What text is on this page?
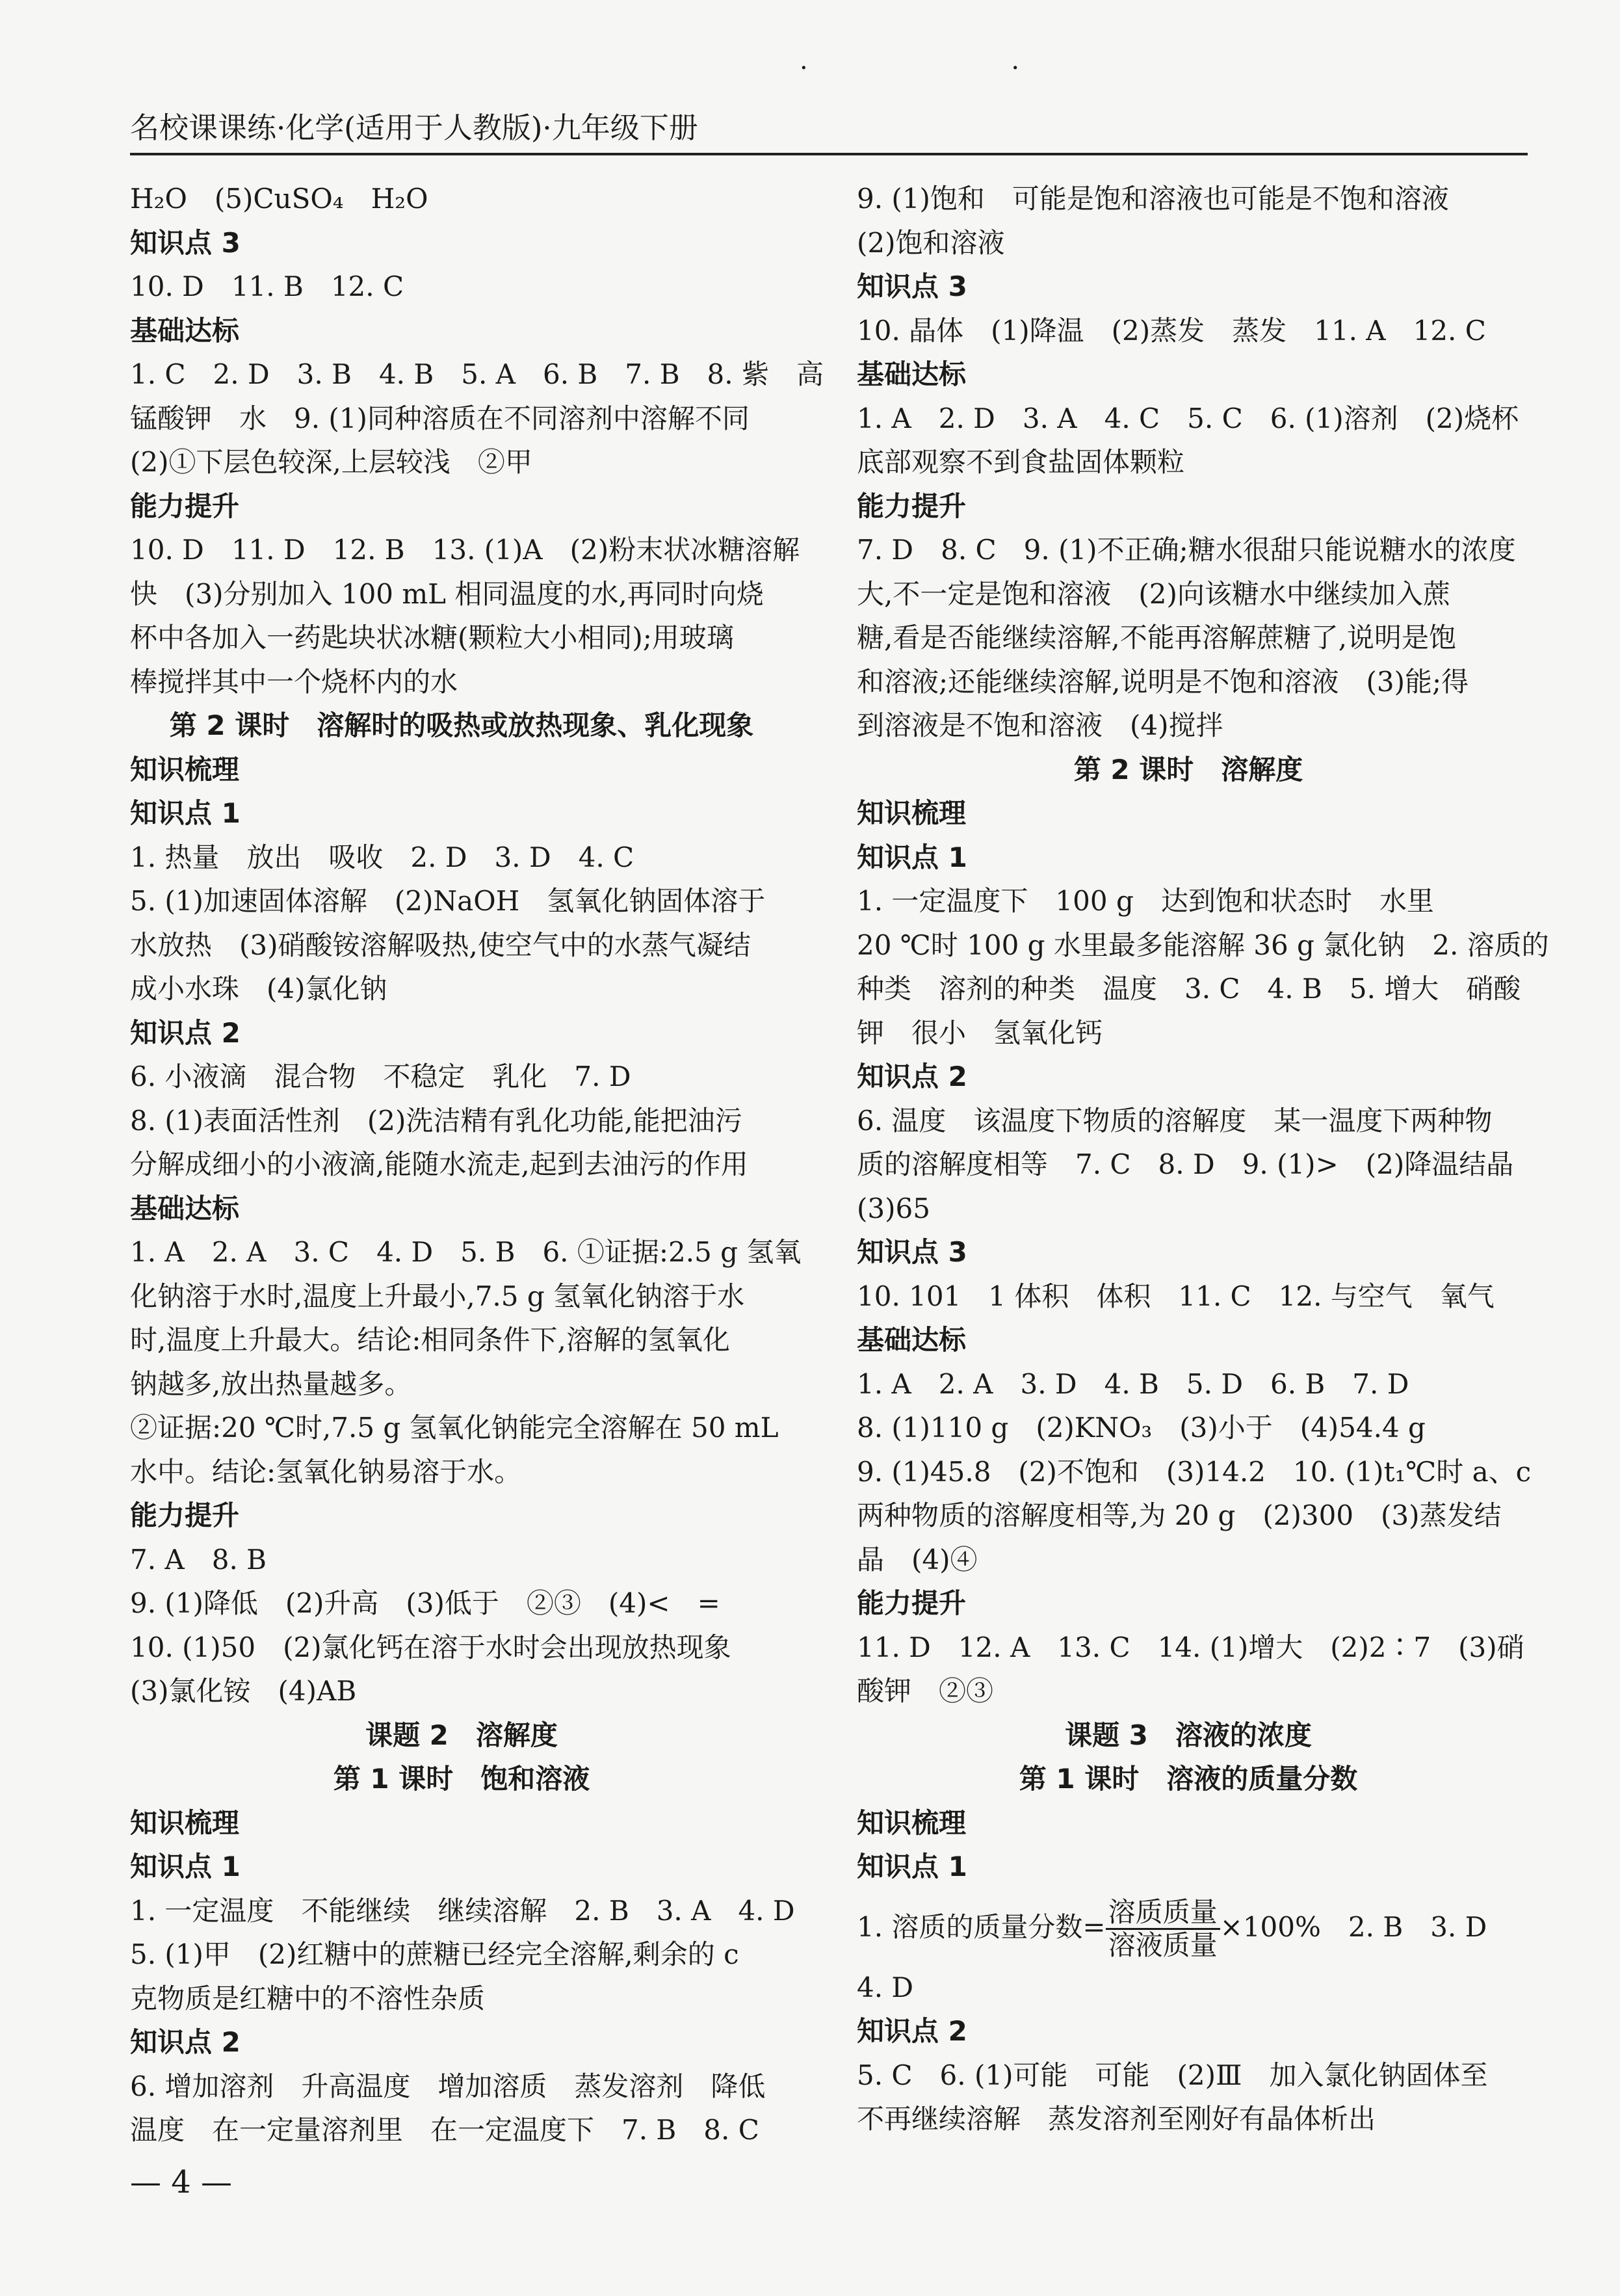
· ·
名校课课练·化学(适用于人教版)·九年级下册
H₂O　(5)CuSO₄　H₂O
知识点 3
10. D　11. B　12. C
基础达标
1. C　2. D　3. B　4. B　5. A　6. B　7. B　8. 紫　高
锰酸钾　水　9. (1)同种溶质在不同溶剂中溶解不同
(2)①下层色较深,上层较浅　②甲
能力提升
10. D　11. D　12. B　13. (1)A　(2)粉末状冰糖溶解
快　(3)分别加入 100 mL 相同温度的水,再同时向烧
杯中各加入一药匙块状冰糖(颗粒大小相同);用玻璃
棒搅拌其中一个烧杯内的水
第 2 课时　溶解时的吸热或放热现象、乳化现象
知识梳理
知识点 1
1. 热量　放出　吸收　2. D　3. D　4. C
5. (1)加速固体溶解　(2)NaOH　氢氧化钠固体溶于
水放热　(3)硝酸铵溶解吸热,使空气中的水蒸气凝结
成小水珠　(4)氯化钠
知识点 2
6. 小液滴　混合物　不稳定　乳化　7. D
8. (1)表面活性剂　(2)洗洁精有乳化功能,能把油污
分解成细小的小液滴,能随水流走,起到去油污的作用
基础达标
1. A　2. A　3. C　4. D　5. B　6. ①证据:2.5 g 氢氧
化钠溶于水时,温度上升最小,7.5 g 氢氧化钠溶于水
时,温度上升最大。结论:相同条件下,溶解的氢氧化
钠越多,放出热量越多。
②证据:20 ℃时,7.5 g 氢氧化钠能完全溶解在 50 mL
水中。结论:氢氧化钠易溶于水。
能力提升
7. A　8. B
9. (1)降低　(2)升高　(3)低于　②③　(4)<　=
10. (1)50　(2)氯化钙在溶于水时会出现放热现象
(3)氯化铵　(4)AB
课题 2　溶解度
第 1 课时　饱和溶液
知识梳理
知识点 1
1. 一定温度　不能继续　继续溶解　2. B　3. A　4. D
5. (1)甲　(2)红糖中的蔗糖已经完全溶解,剩余的 c
克物质是红糖中的不溶性杂质
知识点 2
6. 增加溶剂　升高温度　增加溶质　蒸发溶剂　降低
温度　在一定量溶剂里　在一定温度下　7. B　8. C
9. (1)饱和　可能是饱和溶液也可能是不饱和溶液
(2)饱和溶液
知识点 3
10. 晶体　(1)降温　(2)蒸发　蒸发　11. A　12. C
基础达标
1. A　2. D　3. A　4. C　5. C　6. (1)溶剂　(2)烧杯
底部观察不到食盐固体颗粒
能力提升
7. D　8. C　9. (1)不正确;糖水很甜只能说糖水的浓度
大,不一定是饱和溶液　(2)向该糖水中继续加入蔗
糖,看是否能继续溶解,不能再溶解蔗糖了,说明是饱
和溶液;还能继续溶解,说明是不饱和溶液　(3)能;得
到溶液是不饱和溶液　(4)搅拌
第 2 课时　溶解度
知识梳理
知识点 1
1. 一定温度下　100 g　达到饱和状态时　水里
20 ℃时 100 g 水里最多能溶解 36 g 氯化钠　2. 溶质的
种类　溶剂的种类　温度　3. C　4. B　5. 增大　硝酸
钾　很小　氢氧化钙
知识点 2
6. 温度　该温度下物质的溶解度　某一温度下两种物
质的溶解度相等　7. C　8. D　9. (1)>　(2)降温结晶
(3)65
知识点 3
10. 101　1 体积　体积　11. C　12. 与空气　氧气
基础达标
1. A　2. A　3. D　4. B　5. D　6. B　7. D
8. (1)110 g　(2)KNO₃　(3)小于　(4)54.4 g
9. (1)45.8　(2)不饱和　(3)14.2　10. (1)t₁℃时 a、c
两种物质的溶解度相等,为 20 g　(2)300　(3)蒸发结
晶　(4)④
能力提升
11. D　12. A　13. C　14. (1)增大　(2)2∶7　(3)硝
酸钾　②③
课题 3　溶液的浓度
第 1 课时　溶液的质量分数
知识梳理
知识点 1
1. 溶质的质量分数= $\frac{\text{溶质质量}}{\text{溶液质量}} \times 100\%$　2. B　3. D
4. D
知识点 2
5. C　6. (1)可能　可能　(2)Ⅲ　加入氯化钠固体至
不再继续溶解　蒸发溶剂至刚好有晶体析出
— 4 —
